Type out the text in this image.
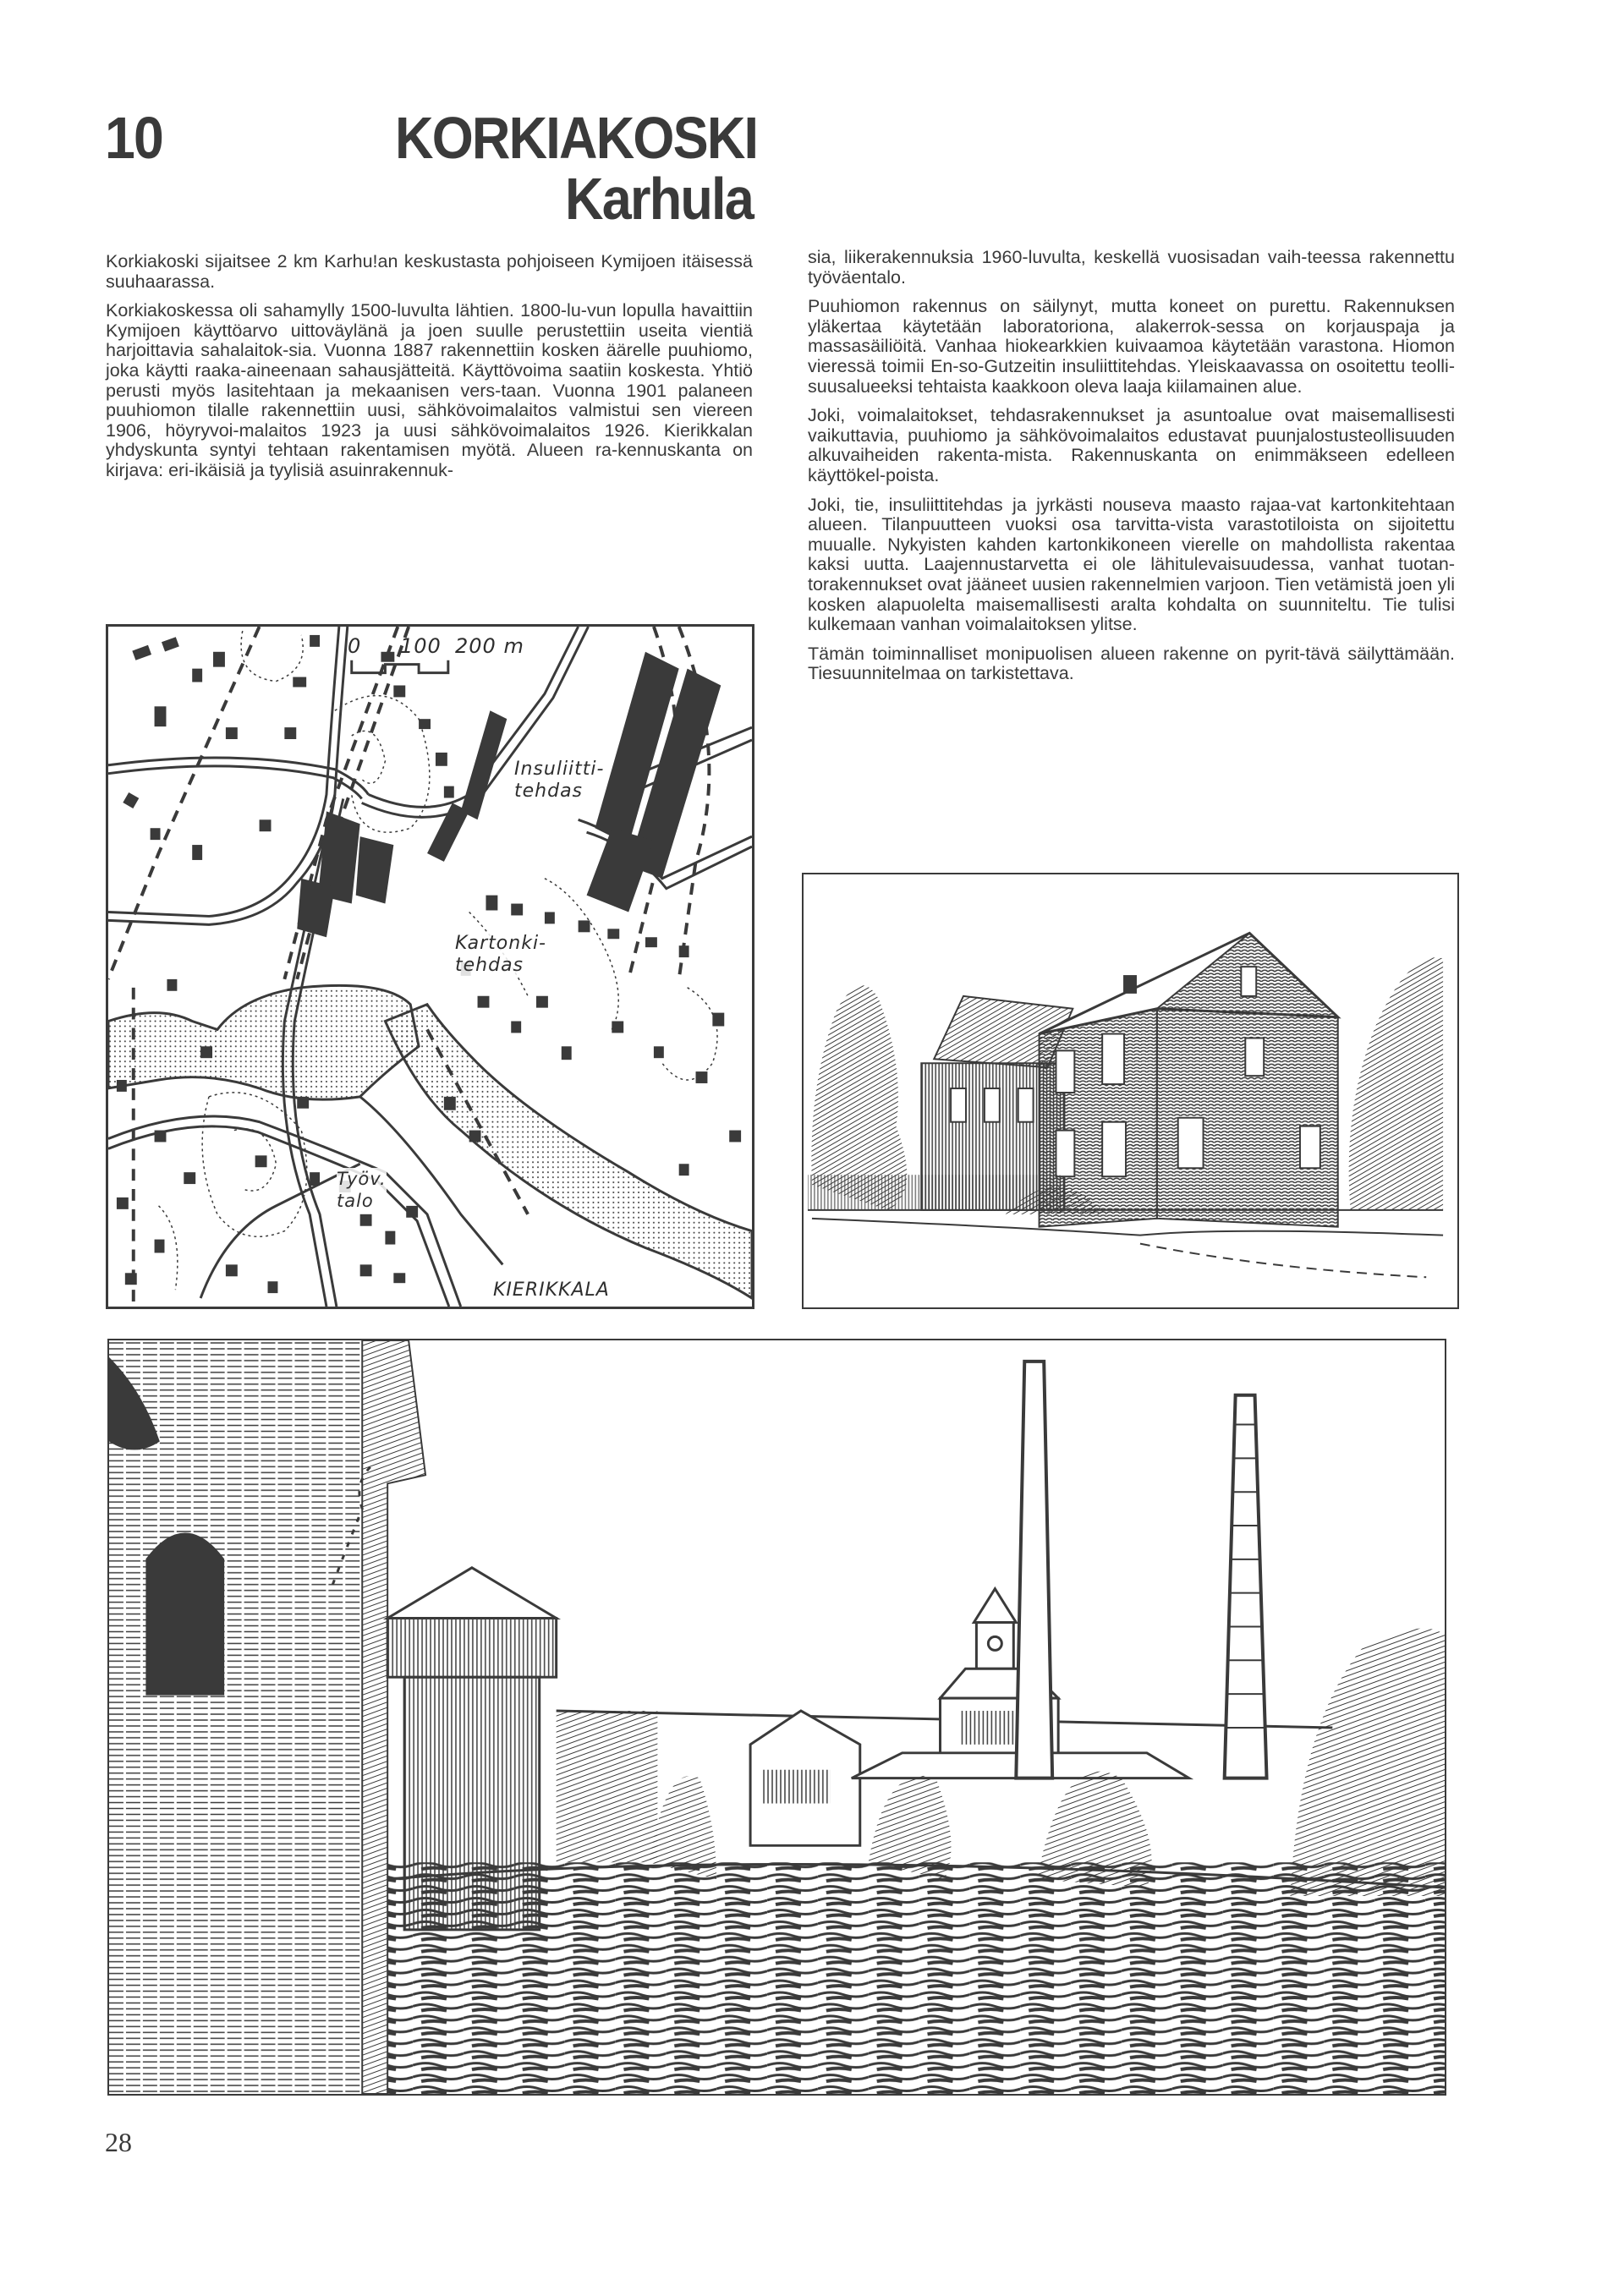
10	KORKIAKOSKI
Karhula

Korkiakoski sijaitsee 2 km Karhu!an keskustasta pohjoiseen Kymijoen itäisessä suuhaarassa.

Korkiakoskessa oli sahamylly 1500-luvulta lähtien. 1800-lu-vun lopulla havaittiin Kymijoen käyttöarvo uittoväylänä ja joen suulle perustettiin useita vientiä harjoittavia sahalaitok-sia. Vuonna 1887 rakennettiin kosken äärelle puuhiomo, joka käytti raaka-aineenaan sahausjätteitä. Käyttövoima saatiin koskesta. Yhtiö perusti myös lasitehtaan ja mekaanisen vers-taan. Vuonna 1901 palaneen puuhiomon tilalle rakennettiin uusi, sähkövoimalaitos valmistui sen viereen 1906, höyryvoi-malaitos 1923 ja uusi sähkövoimalaitos 1926. Kierikkalan yhdyskunta syntyi tehtaan rakentamisen myötä. Alueen ra-kennuskanta on kirjava: eri-ikäisiä ja tyylisiä asuinrakennuk-

sia, liikerakennuksia 1960-luvulta, keskellä vuosisadan vaih-teessa rakennettu työväentalo.

Puuhiomon rakennus on säilynyt, mutta koneet on purettu. Rakennuksen yläkertaa käytetään laboratoriona, alakerrok-sessa on korjauspaja ja massasäiliöitä. Vanhaa hiokearkkien kuivaamoa käytetään varastona. Hiomon vieressä toimii En-so-Gutzeitin insuliittitehdas. Yleiskaavassa on osoitettu teolli-suusalueeksi tehtaista kaakkoon oleva laaja kiilamainen alue.

Joki, voimalaitokset, tehdasrakennukset ja asuntoalue ovat maisemallisesti vaikuttavia, puuhiomo ja sähkövoimalaitos edustavat puunjalostusteollisuuden alkuvaiheiden rakenta-mista. Rakennuskanta on enimmäkseen edelleen käyttökel-poista.

Joki, tie, insuliittitehdas ja jyrkästi nouseva maasto rajaa-vat kartonkitehtaan alueen. Tilanpuutteen vuoksi osa tarvitta-vista varastotiloista on sijoitettu muualle. Nykyisten kahden kartonkikoneen vierelle on mahdollista rakentaa kaksi uutta. Laajennustarvetta ei ole lähitulevaisuudessa, vanhat tuotan-torakennukset ovat jääneet uusien rakennelmien varjoon. Tien vetämistä joen yli kosken alapuolelta maisemallisesti aralta kohdalta on suunniteltu. Tie tulisi kulkemaan vanhan voimalaitoksen ylitse.

Tämän toiminnalliset monipuolisen alueen rakenne on pyrit-tävä säilyttämään. Tiesuunnitelmaa on tarkistettava.

0 100 200 m
Insuliitti-
tehdas
Kartonki-
tehdas
Työv.
talo
KIERIKKALA
28
